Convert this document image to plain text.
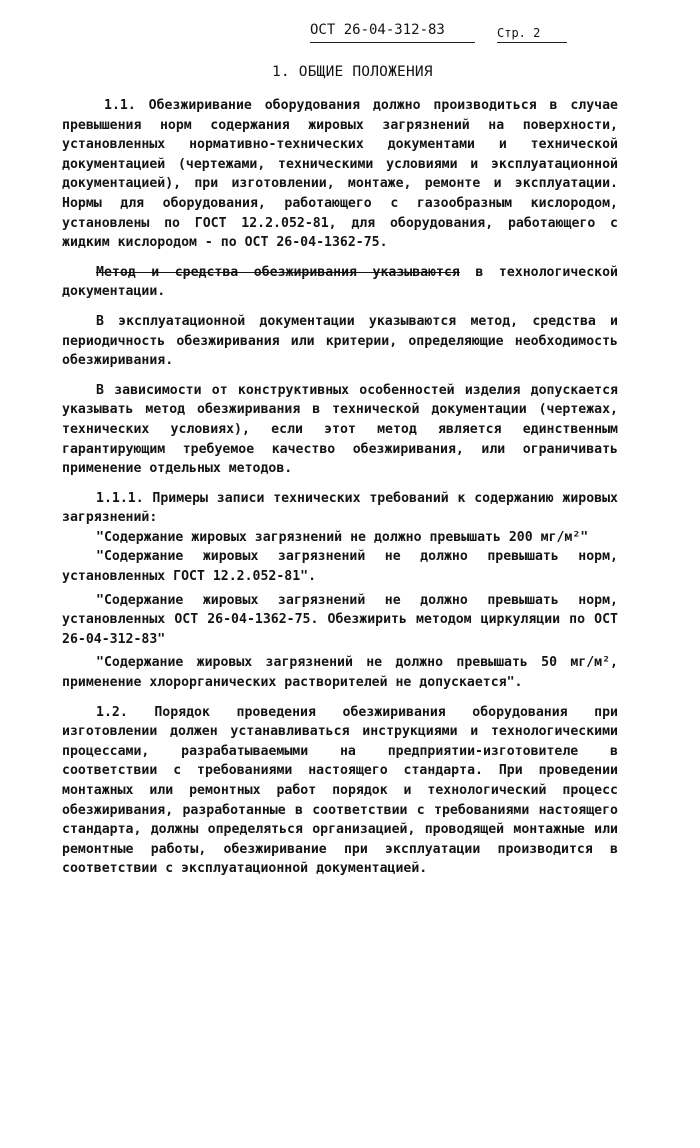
ОСТ 26-04-312-83	Стр. 2
1. ОБЩИЕ ПОЛОЖЕНИЯ

1.1. Обезжиривание оборудования должно производиться в случае превышения норм содержания жировых загрязнений на поверхности, установленных нормативно-технических документами и технической документацией (чертежами, техническими условиями и эксплуатационной документацией), при изготовлении, монтаже, ремонте и эксплуатации. Нормы для оборудования, работающего с газообразным кислородом, установлены по ГОСТ 12.2.052-81, для оборудования, работающего с жидким кислородом - по ОСТ 26-04-1362-75.

Метод и средства обезжиривания указываются в технологической документации.

В эксплуатационной документации указываются метод, средства и периодичность обезжиривания или критерии, определяющие необходимость обезжиривания.

В зависимости от конструктивных особенностей изделия допускается указывать метод обезжиривания в технической документации (чертежах, технических условиях), если этот метод является единственным гарантирующим требуемое качество обезжиривания, или ограничивать применение отдельных методов.

1.1.1. Примеры записи технических требований к содержанию жировых загрязнений:

"Содержание жировых загрязнений не должно превышать 200 мг/м²"

"Содержание жировых загрязнений не должно превышать норм, установленных ГОСТ 12.2.052-81".

"Содержание жировых загрязнений не должно превышать норм, установленных ОСТ 26-04-1362-75. Обезжирить методом циркуляции по ОСТ 26-04-312-83"

"Содержание жировых загрязнений не должно превышать 50 мг/м², применение хлорорганических растворителей не допускается".

1.2. Порядок проведения обезжиривания оборудования при изготовлении должен устанавливаться инструкциями и технологическими процессами, разрабатываемыми на предприятии-изготовителе в соответствии с требованиями настоящего стандарта. При проведении монтажных или ремонтных работ порядок и технологический процесс обезжиривания, разработанные в соответствии с требованиями настоящего стандарта, должны определяться организацией, проводящей монтажные или ремонтные работы, обезжиривание при эксплуатации производится в соответствии с эксплуатационной документацией.
